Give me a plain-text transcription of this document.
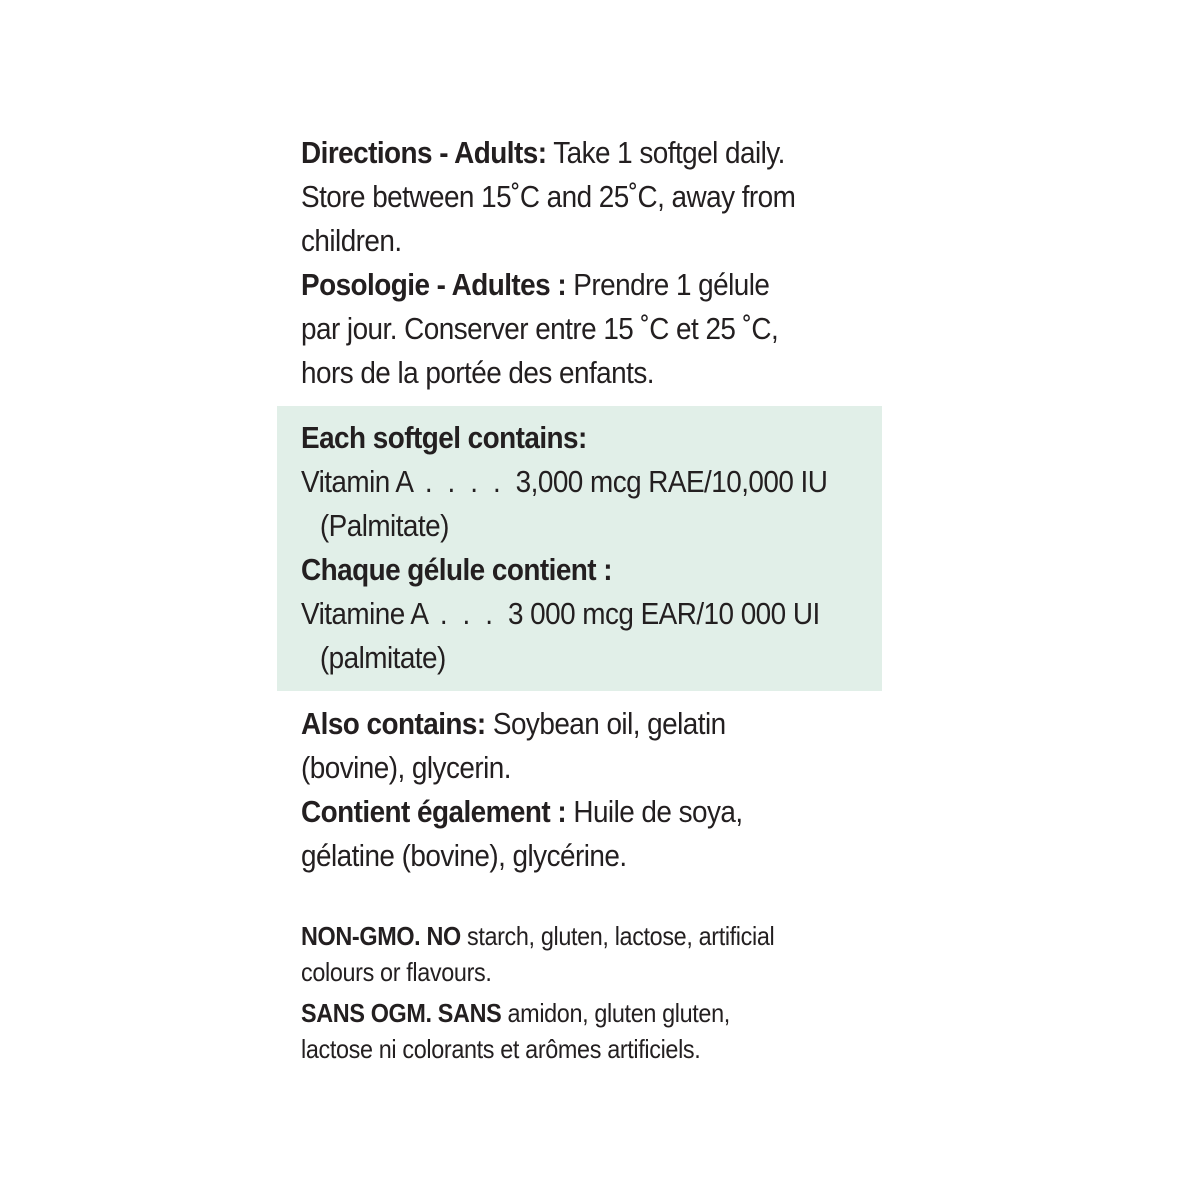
Directions - Adults: Take 1 softgel daily.
Store between 15˚C and 25˚C, away from
children.
Posologie - Adultes : Prendre 1 gélule
par jour. Conserver entre 15 ˚C et 25 ˚C,
hors de la portée des enfants.
Each softgel contains:
Vitamin A . . . . 3,000 mcg RAE/10,000 IU
(Palmitate)
Chaque gélule contient :
Vitamine A . . . 3 000 mcg EAR/10 000 UI
(palmitate)
Also contains: Soybean oil, gelatin
(bovine), glycerin.
Contient également : Huile de soya,
gélatine (bovine), glycérine.
NON-GMO. NO starch, gluten, lactose, artificial
colours or flavours.
SANS OGM. SANS amidon, gluten gluten,
lactose ni colorants et arômes artificiels.
